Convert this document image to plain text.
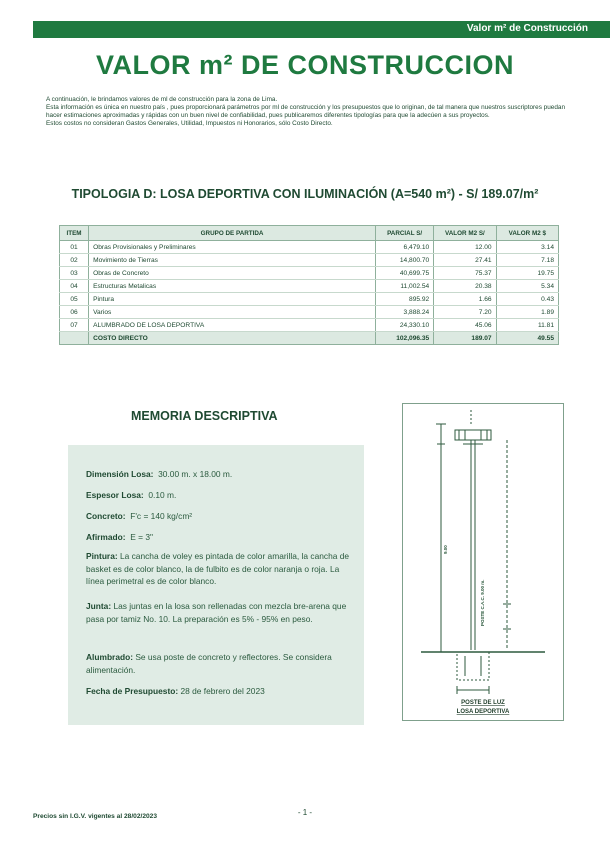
Valor m² de Construcción
VALOR m² DE CONSTRUCCION

A continuación, le brindamos valores de ml de construcción para la zona de Lima.

Esta información es única en nuestro país , pues proporcionará parámetros por ml de construcción y los presupuestos que lo originan, de tal manera que nuestros suscriptores puedan hacer estimaciones aproximadas y rápidas con un buen nivel de confiabilidad, pues publicaremos diferentes tipologías para que la adecúen a sus proyectos.

Estos costos no consideran Gastos Generales, Utilidad, Impuestos ni Honorarios, sólo Costo Directo.

TIPOLOGIA D: LOSA DEPORTIVA CON ILUMINACIÓN (A=540 m²) - S/ 189.07/m²
ITEM	GRUPO DE PARTIDA	PARCIAL S/	VALOR M2 S/	VALOR M2 $
01	Obras Provisionales y Preliminares	6,479.10	12.00	3.14
02	Movimiento de Tierras	14,800.70	27.41	7.18
03	Obras de Concreto	40,699.75	75.37	19.75
04	Estructuras Metalicas	11,002.54	20.38	5.34
05	Pintura	895.92	1.66	0.43
06	Varios	3,888.24	7.20	1.89
07	ALUMBRADO DE LOSA DEPORTIVA	24,330.10	45.06	11.81
	COSTO DIRECTO	102,096.35	189.07	49.55
MEMORIA DESCRIPTIVA
Dimensión Losa: 30.00 m. x 18.00 m.
Espesor Losa: 0.10 m.
Concreto: F'c = 140 kg/cm²
Afirmado: E = 3"
Pintura: La cancha de voley es pintada de color amarilla, la cancha de basket es de color blanco, la de fulbito es de color naranja o roja. La línea perimetral es de color blanco.
Junta: Las juntas en la losa son rellenadas con mezcla bre-arena que pasa por tamiz No. 10. La preparación es 5% - 95% en peso.
Alumbrado: Se usa poste de concreto y reflectores. Se considera alimentación.
Fecha de Presupuesto: 28 de febrero del 2023
POSTE C.A.C. 9.00 m.
9.00
POSTE DE LUZ
LOSA DEPORTIVA
Precios sin I.G.V. vigentes al 28/02/2023	- 1 -
